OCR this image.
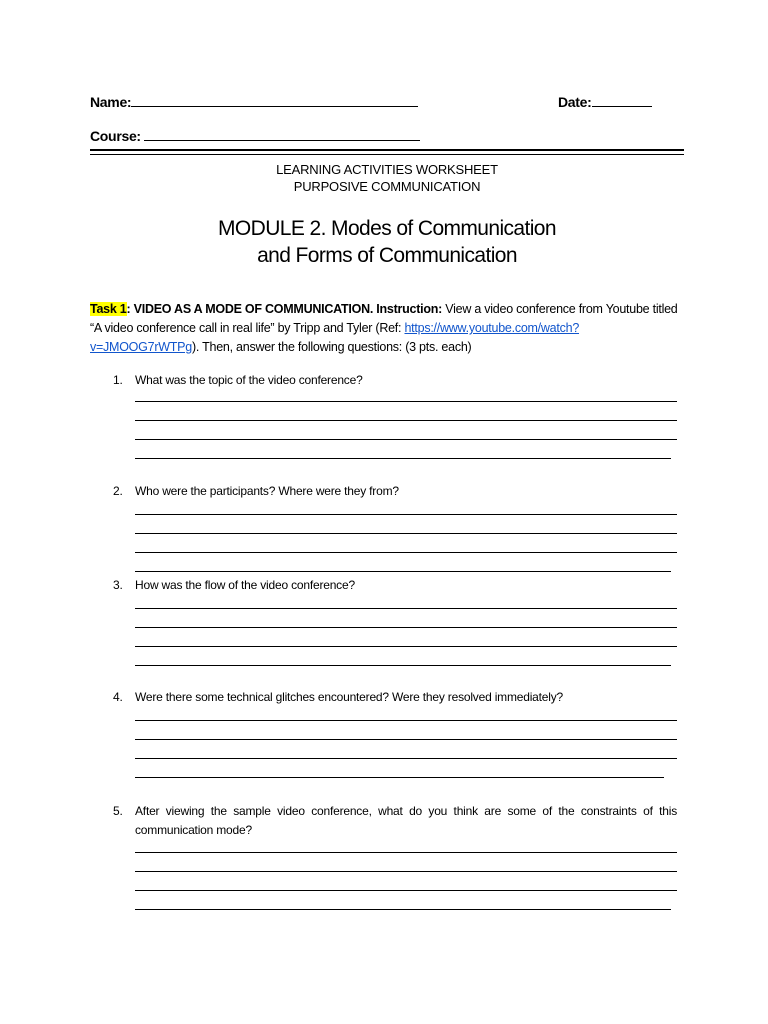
Name:	Date:
Course:
LEARNING ACTIVITIES WORKSHEET
PURPOSIVE COMMUNICATION
MODULE 2. Modes of Communication
and Forms of Communication
Task 1: VIDEO AS A MODE OF COMMUNICATION. Instruction: View a video conference from Youtube titled “A video conference call in real life” by Tripp and Tyler (Ref: https://www.youtube.com/watch?v=JMOOG7rWTPg). Then, answer the following questions: (3 pts. each)
1.	What was the topic of the video conference?
2.	Who were the participants? Where were they from?
3.	How was the flow of the video conference?
4.	Were there some technical glitches encountered? Were they resolved immediately?
5.	After viewing the sample video conference, what do you think are some of the constraints of this communication mode?
